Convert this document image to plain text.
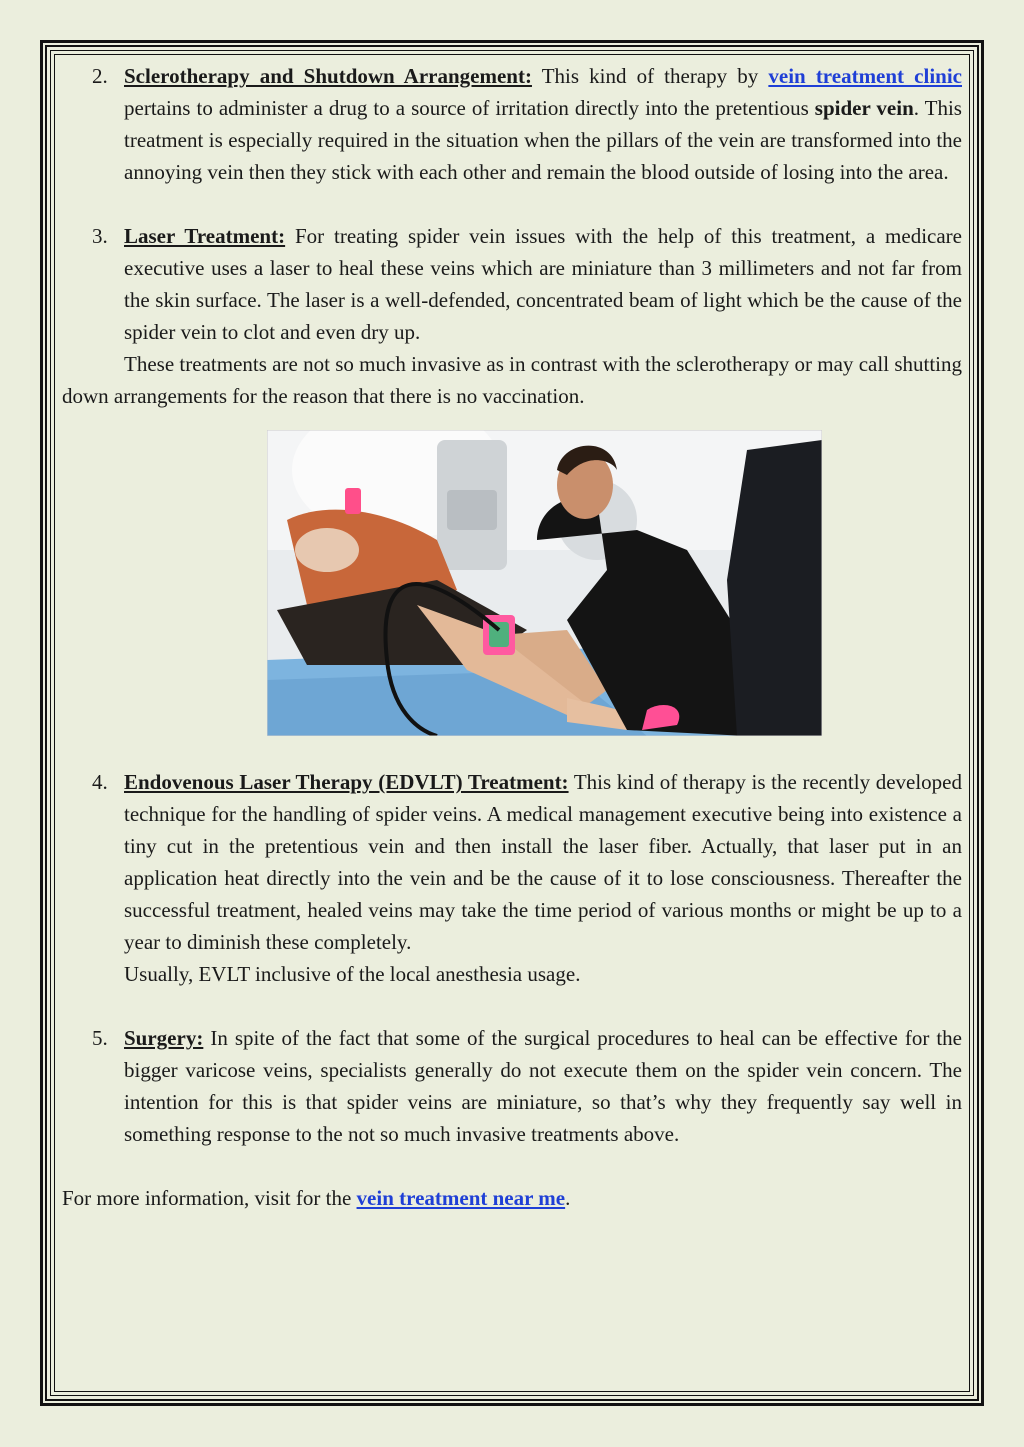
2. Sclerotherapy and Shutdown Arrangement: This kind of therapy by vein treatment clinic pertains to administer a drug to a source of irritation directly into the pretentious spider vein. This treatment is especially required in the situation when the pillars of the vein are transformed into the annoying vein then they stick with each other and remain the blood outside of losing into the area.
3. Laser Treatment: For treating spider vein issues with the help of this treatment, a medicare executive uses a laser to heal these veins which are miniature than 3 millimeters and not far from the skin surface. The laser is a well-defended, concentrated beam of light which be the cause of the spider vein to clot and even dry up.
These treatments are not so much invasive as in contrast with the sclerotherapy or may call shutting down arrangements for the reason that there is no vaccination.
4. Endovenous Laser Therapy (EDVLT) Treatment: This kind of therapy is the recently developed technique for the handling of spider veins. A medical management executive being into existence a tiny cut in the pretentious vein and then install the laser fiber. Actually, that laser put in an application heat directly into the vein and be the cause of it to lose consciousness. Thereafter the successful treatment, healed veins may take the time period of various months or might be up to a year to diminish these completely.
Usually, EVLT inclusive of the local anesthesia usage.
5. Surgery: In spite of the fact that some of the surgical procedures to heal can be effective for the bigger varicose veins, specialists generally do not execute them on the spider vein concern. The intention for this is that spider veins are miniature, so that’s why they frequently say well in something response to the not so much invasive treatments above.
For more information, visit for the vein treatment near me.
